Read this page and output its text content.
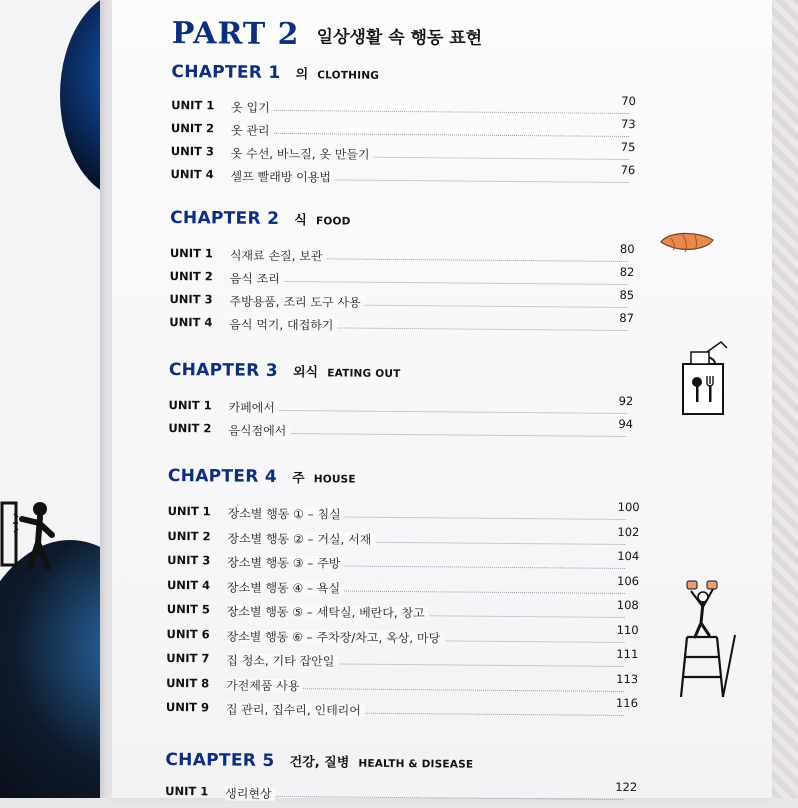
PART 2 일상생활 속 행동 표현
CHAPTER 1 의 CLOTHING
UNIT 1	옷 입기	70
UNIT 2	옷 관리	73
UNIT 3	옷 수선, 바느질, 옷 만들기	75
UNIT 4	셀프 빨래방 이용법	76
CHAPTER 2 식 FOOD
UNIT 1	식재료 손질, 보관	80
UNIT 2	음식 조리	82
UNIT 3	주방용품, 조리 도구 사용	85
UNIT 4	음식 먹기, 대접하기	87
CHAPTER 3 외식 EATING OUT
UNIT 1	카페에서	92
UNIT 2	음식점에서	94
CHAPTER 4 주 HOUSE
UNIT 1	장소별 행동 ① – 침실	100
UNIT 2	장소별 행동 ② – 거실, 서재	102
UNIT 3	장소별 행동 ③ – 주방	104
UNIT 4	장소별 행동 ④ – 욕실	106
UNIT 5	장소별 행동 ⑤ – 세탁실, 베란다, 창고	108
UNIT 6	장소별 행동 ⑥ – 주차장/차고, 옥상, 마당	110
UNIT 7	집 청소, 기타 잡안일	111
UNIT 8	가전제품 사용	113
UNIT 9	집 관리, 집수리, 인테리어	116
CHAPTER 5 건강, 질병 HEALTH & DISEASE
UNIT 1	생리현상	122
